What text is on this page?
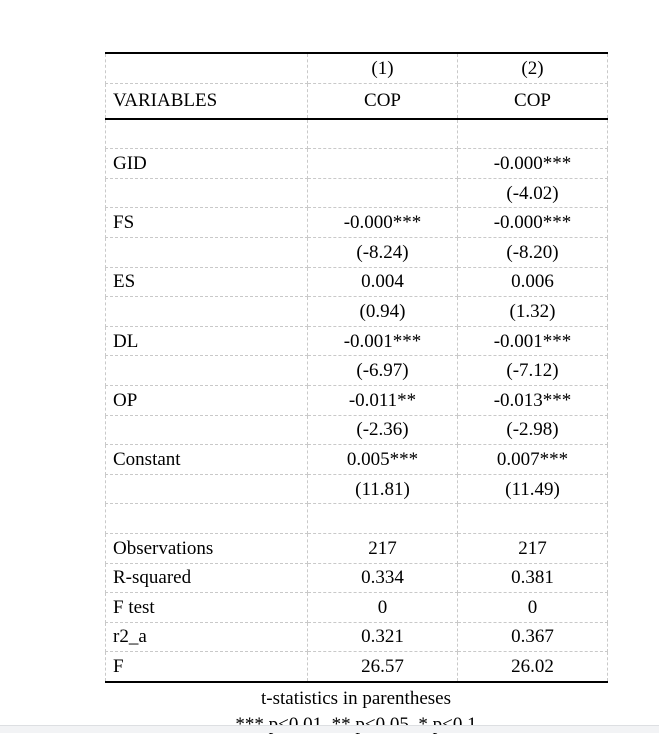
	(1)	(2)
VARIABLES	COP	COP

GID		-0.000***
		(-4.02)
FS	-0.000***	-0.000***
	(-8.24)	(-8.20)
ES	0.004	0.006
	(0.94)	(1.32)
DL	-0.001***	-0.001***
	(-6.97)	(-7.12)
OP	-0.011**	-0.013***
	(-2.36)	(-2.98)
Constant	0.005***	0.007***
	(11.81)	(11.49)

Observations	217	217
R-squared	0.334	0.381
F test	0	0
r2_a	0.321	0.367
F	26.57	26.02
t-statistics in parentheses
